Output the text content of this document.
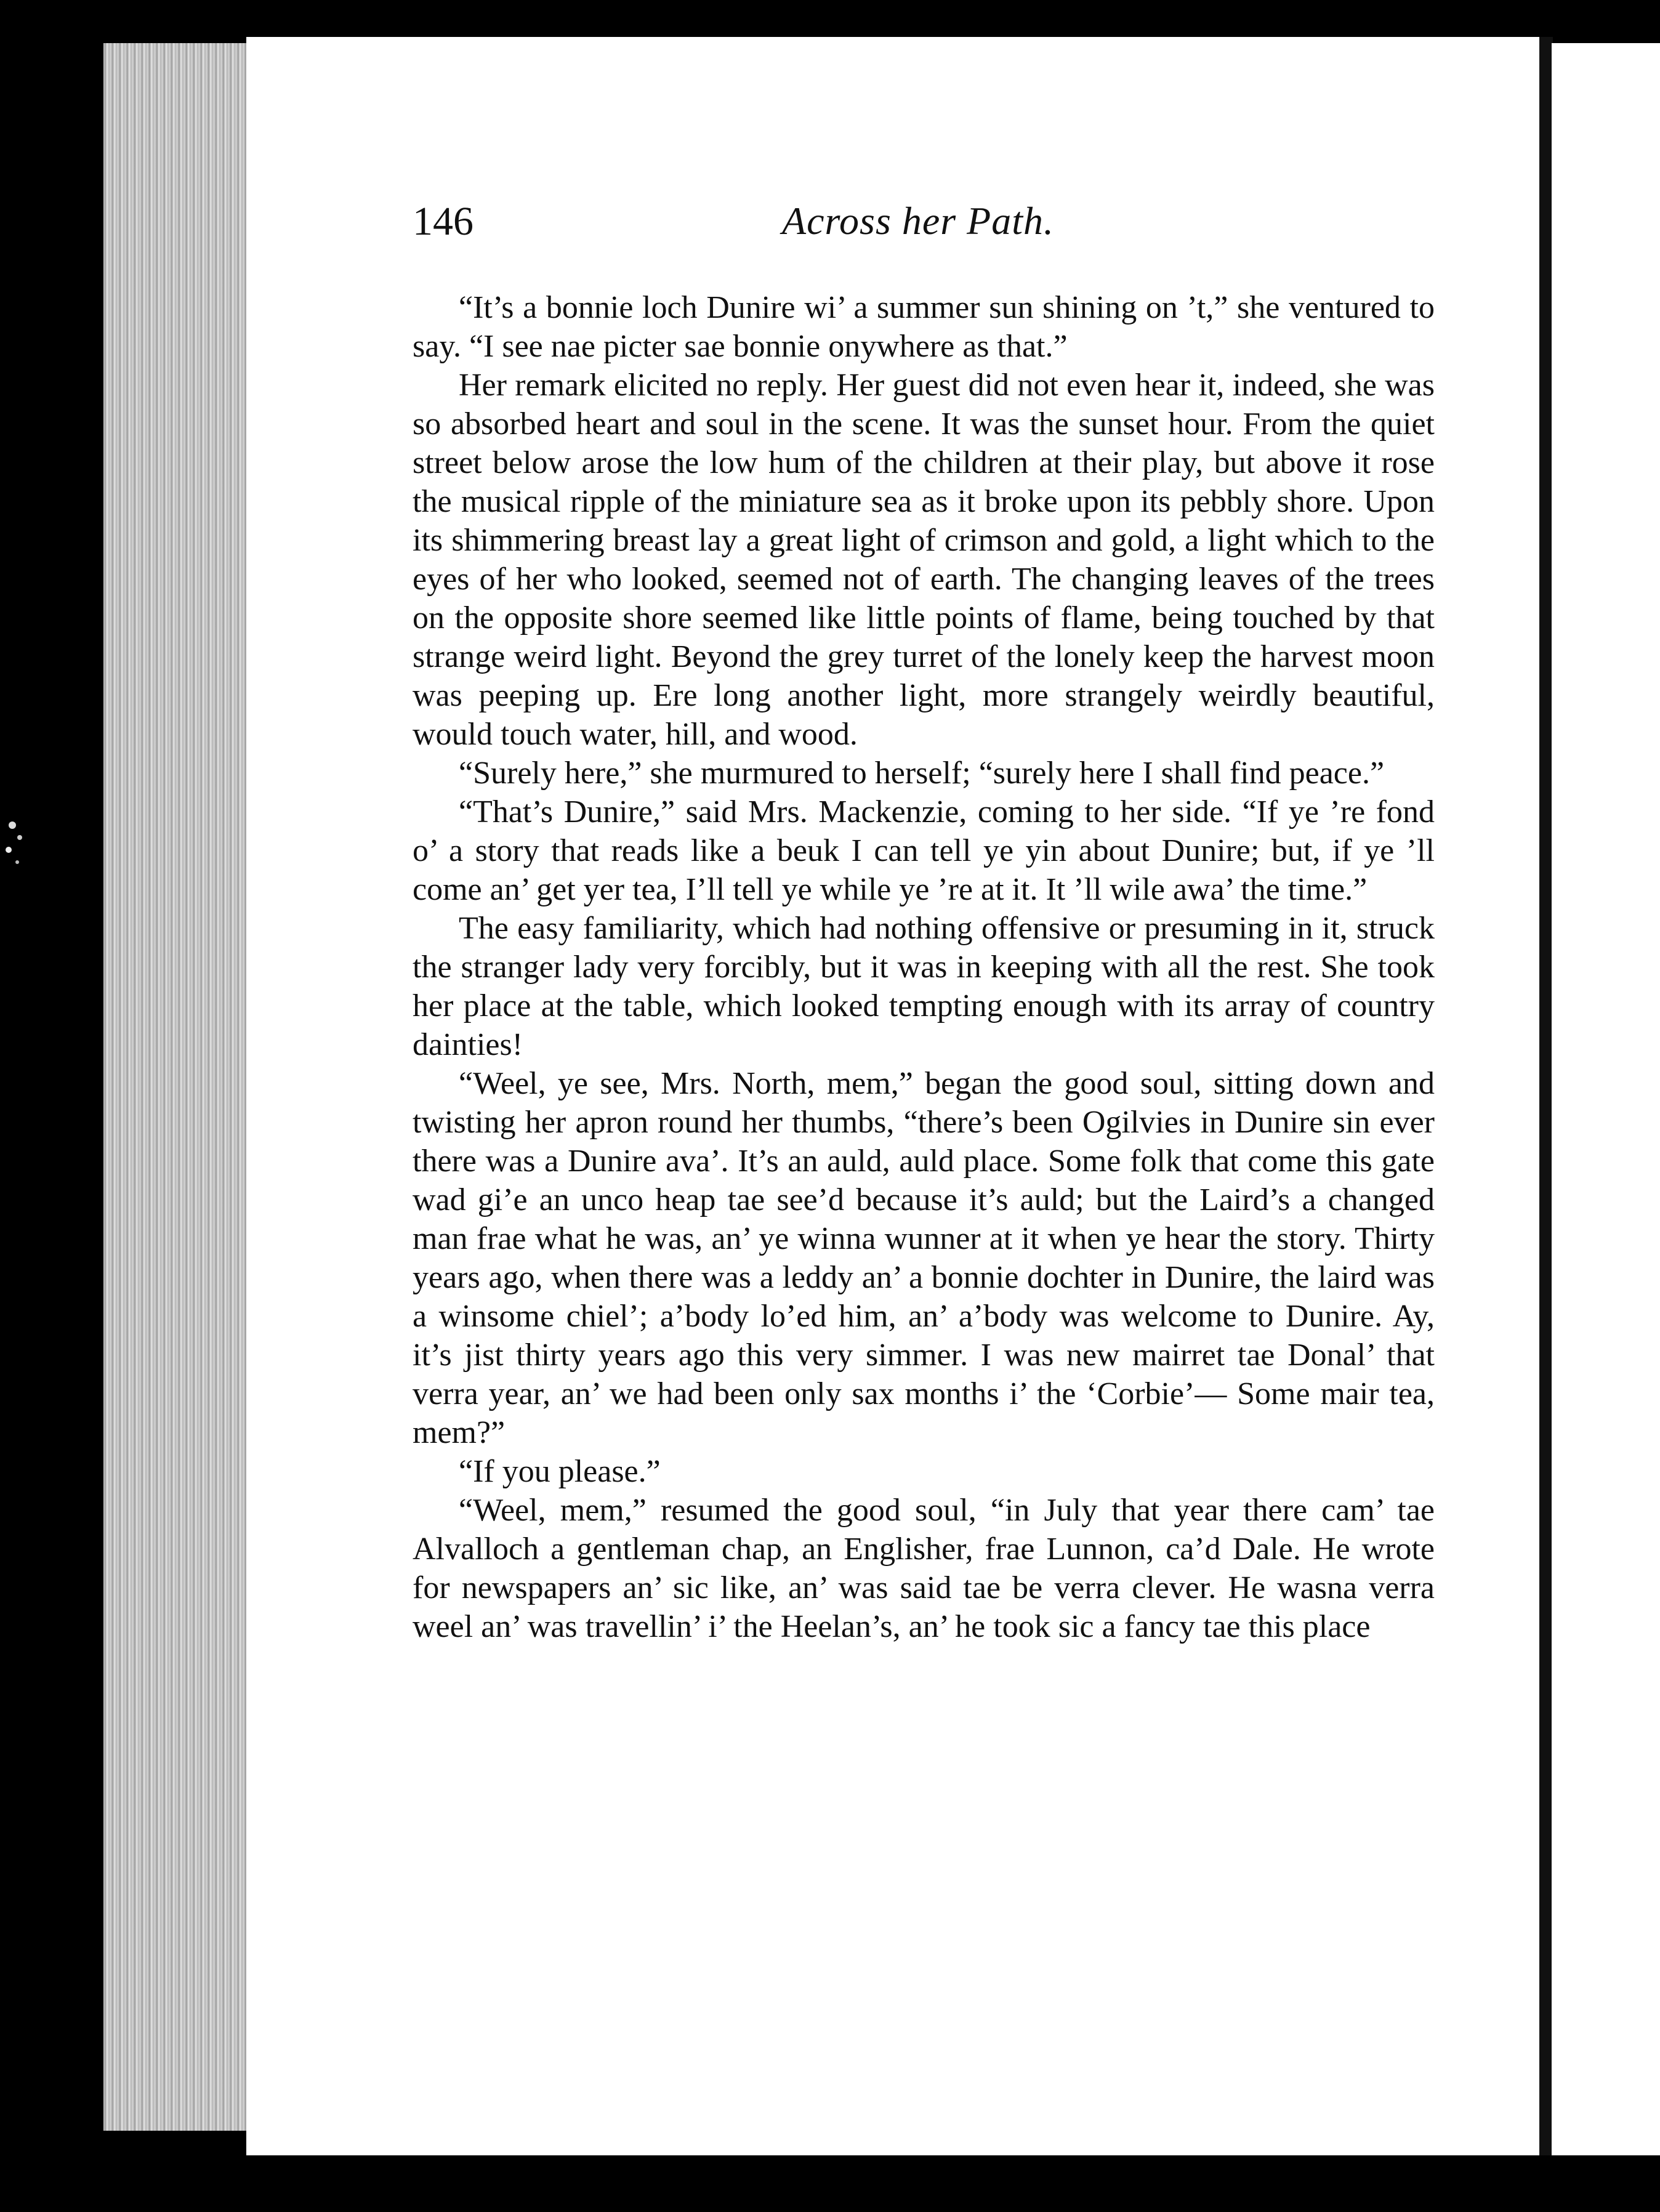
146	Across her Path.

“It’s a bonnie loch Dunire wi’ a summer sun shining on ’t,” she ventured to say. “I see nae picter sae bonnie onywhere as that.”

Her remark elicited no reply. Her guest did not even hear it, indeed, she was so absorbed heart and soul in the scene. It was the sunset hour. From the quiet street below arose the low hum of the children at their play, but above it rose the musical ripple of the miniature sea as it broke upon its pebbly shore. Upon its shimmering breast lay a great light of crimson and gold, a light which to the eyes of her who looked, seemed not of earth. The changing leaves of the trees on the opposite shore seemed like little points of flame, being touched by that strange weird light. Beyond the grey turret of the lonely keep the harvest moon was peeping up. Ere long another light, more strangely weirdly beautiful, would touch water, hill, and wood.

“Surely here,” she murmured to herself; “surely here I shall find peace.”

“That’s Dunire,” said Mrs. Mackenzie, coming to her side. “If ye ’re fond o’ a story that reads like a beuk I can tell ye yin about Dunire; but, if ye ’ll come an’ get yer tea, I’ll tell ye while ye ’re at it. It ’ll wile awa’ the time.”

The easy familiarity, which had nothing offensive or presuming in it, struck the stranger lady very forcibly, but it was in keeping with all the rest. She took her place at the table, which looked tempting enough with its array of country dainties!

“Weel, ye see, Mrs. North, mem,” began the good soul, sitting down and twisting her apron round her thumbs, “there’s been Ogilvies in Dunire sin ever there was a Dunire ava’. It’s an auld, auld place. Some folk that come this gate wad gi’e an unco heap tae see’d because it’s auld; but the Laird’s a changed man frae what he was, an’ ye winna wunner at it when ye hear the story. Thirty years ago, when there was a leddy an’ a bonnie dochter in Dunire, the laird was a winsome chiel’; a’body lo’ed him, an’ a’body was welcome to Dunire. Ay, it’s jist thirty years ago this very simmer. I was new mairret tae Donal’ that verra year, an’ we had been only sax months i’ the ‘Corbie’— Some mair tea, mem?”

“If you please.”

“Weel, mem,” resumed the good soul, “in July that year there cam’ tae Alvalloch a gentleman chap, an Englisher, frae Lunnon, ca’d Dale. He wrote for newspapers an’ sic like, an’ was said tae be verra clever. He wasna verra weel an’ was travellin’ i’ the Heelan’s, an’ he took sic a fancy tae this place
